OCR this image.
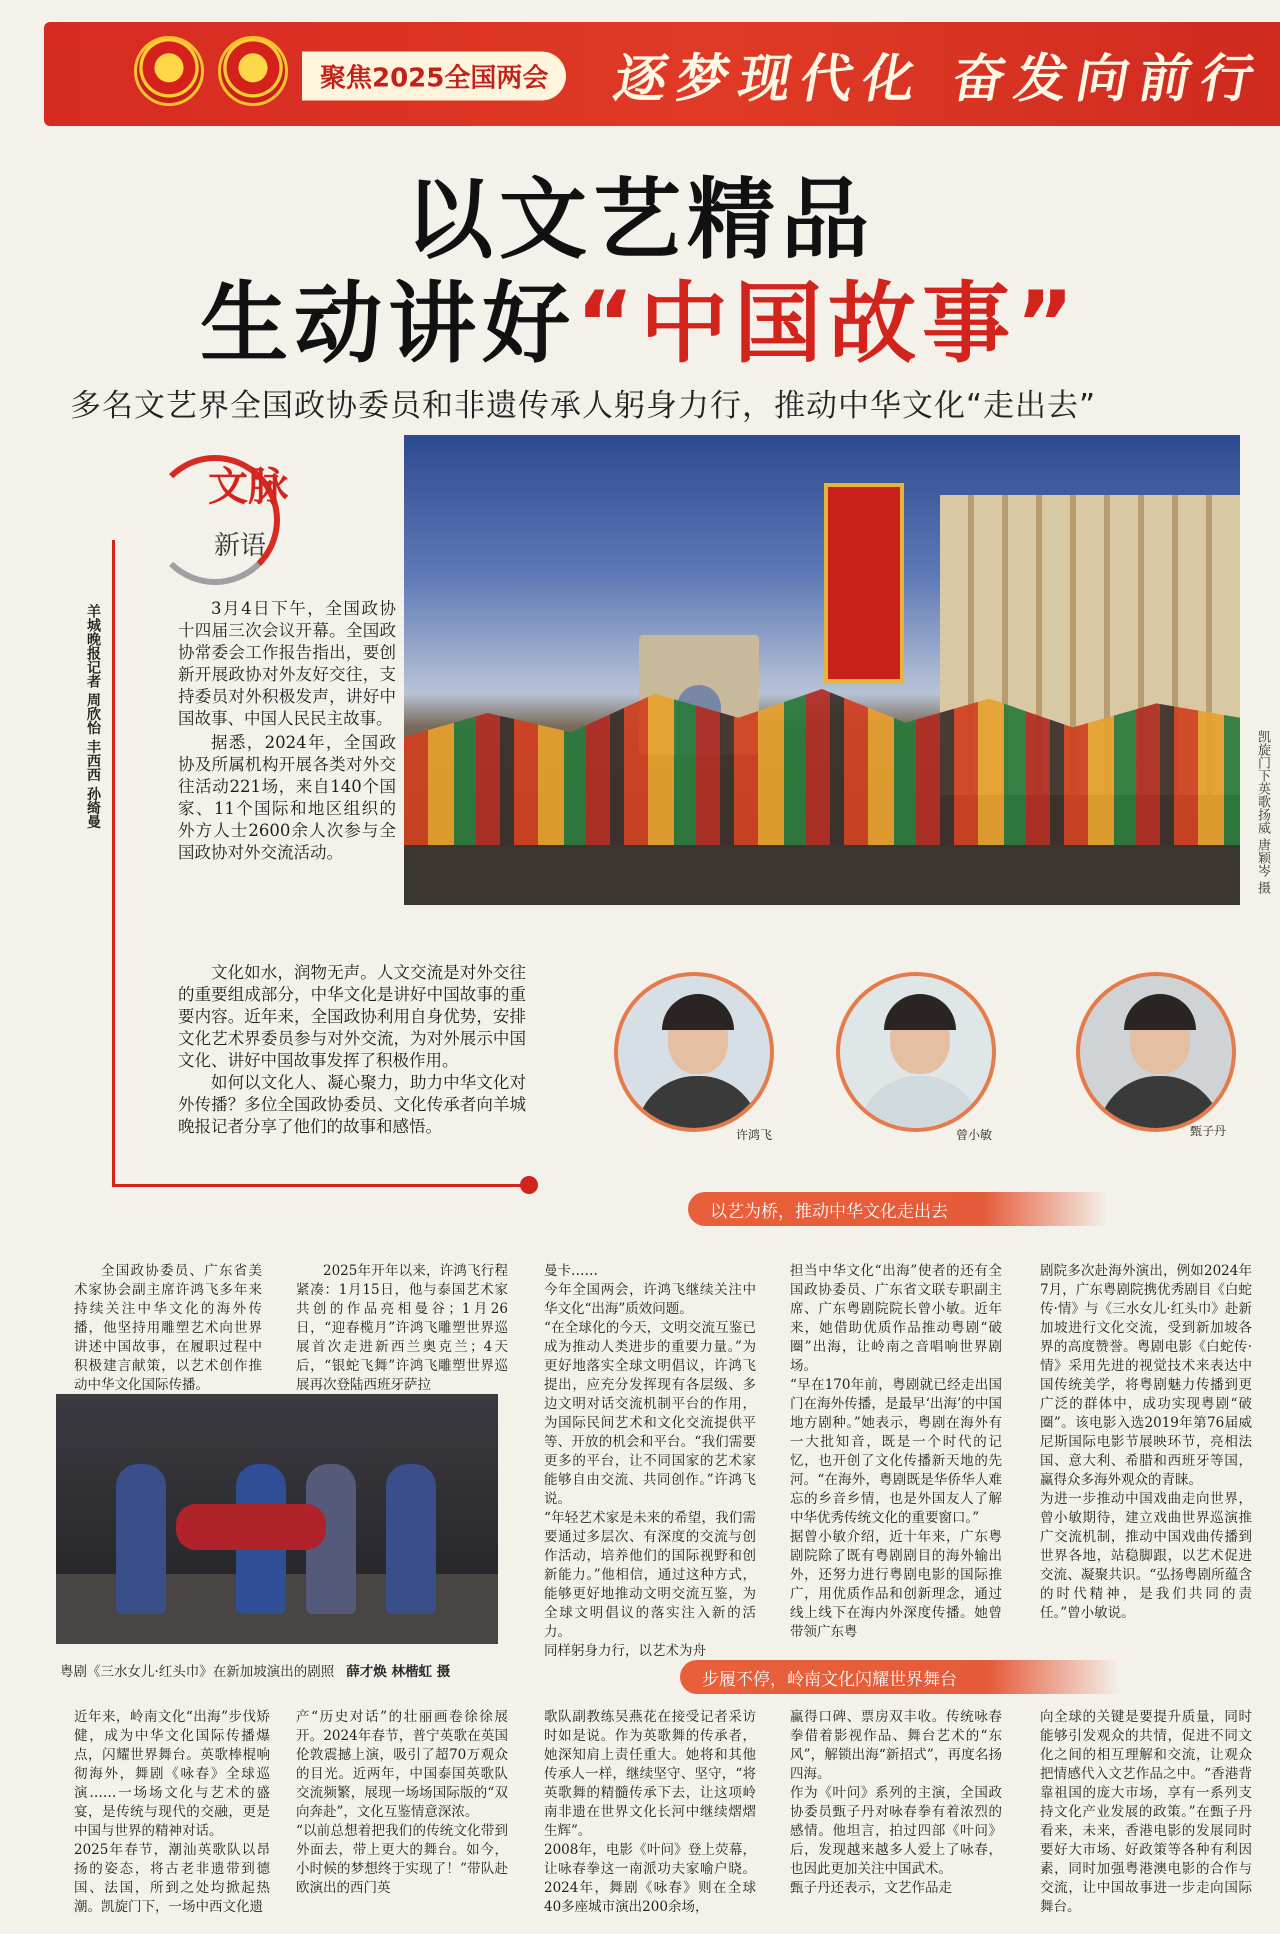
聚焦2025全国两会	逐梦现代化 奋发向前行
以文艺精品
生动讲好“中国故事”
多名文艺界全国政协委员和非遗传承人躬身力行，推动中华文化“走出去”
文脉
新语
羊城晚报记者 周欣怡 丰西西 孙绮曼	凯旋门下英歌扬威 唐颖岑 摄

3月4日下午，全国政协十四届三次会议开幕。全国政协常委会工作报告指出，要创新开展政协对外友好交往，支持委员对外积极发声，讲好中国故事、中国人民民主故事。

据悉，2024年，全国政协及所属机构开展各类对外交往活动221场，来自140个国家、11个国际和地区组织的外方人士2600余人次参与全国政协对外交流活动。

文化如水，润物无声。人文交流是对外交往的重要组成部分，中华文化是讲好中国故事的重要内容。近年来，全国政协利用自身优势，安排文化艺术界委员参与对外交流，为对外展示中国文化、讲好中国故事发挥了积极作用。

如何以文化人、凝心聚力，助力中华文化对外传播？多位全国政协委员、文化传承者向羊城晚报记者分享了他们的故事和感悟。	许鸿飞	曾小敏	甄子丹
以艺为桥，推动中华文化走出去

全国政协委员、广东省美术家协会副主席许鸿飞多年来持续关注中华文化的海外传播，他坚持用雕塑艺术向世界讲述中国故事，在履职过程中积极建言献策，以艺术创作推动中华文化国际传播。

2025年开年以来，许鸿飞行程紧凑：1月15日，他与泰国艺术家共创的作品亮相曼谷；1月26日，“迎春榄月”许鸿飞雕塑世界巡展首次走进新西兰奥克兰；4天后，“银蛇飞舞”许鸿飞雕塑世界巡展再次登陆西班牙萨拉

曼卡……
今年全国两会，许鸿飞继续关注中华文化“出海”质效问题。
“在全球化的今天，文明交流互鉴已成为推动人类进步的重要力量。”为更好地落实全球文明倡议，许鸿飞提出，应充分发挥现有各层级、多边文明对话交流机制平台的作用，为国际民间艺术和文化交流提供平等、开放的机会和平台。“我们需要更多的平台，让不同国家的艺术家能够自由交流、共同创作。”许鸿飞说。
“年轻艺术家是未来的希望，我们需要通过多层次、有深度的交流与创作活动，培养他们的国际视野和创新能力。”他相信，通过这种方式，能够更好地推动文明交流互鉴，为全球文明倡议的落实注入新的活力。
同样躬身力行，以艺术为舟
担当中华文化“出海”使者的还有全国政协委员、广东省文联专职副主席、广东粤剧院院长曾小敏。近年来，她借助优质作品推动粤剧“破圈”出海，让岭南之音唱响世界剧场。
“早在170年前，粤剧就已经走出国门在海外传播，是最早‘出海’的中国地方剧种。”她表示，粤剧在海外有一大批知音，既是一个时代的记忆，也开创了文化传播新天地的先河。“在海外，粤剧既是华侨华人难忘的乡音乡情，也是外国友人了解中华优秀传统文化的重要窗口。”
据曾小敏介绍，近十年来，广东粤剧院除了既有粤剧剧目的海外输出外，还努力进行粤剧电影的国际推广，用优质作品和创新理念，通过线上线下在海内外深度传播。她曾带领广东粤
剧院多次赴海外演出，例如2024年7月，广东粤剧院携优秀剧目《白蛇传·情》与《三水女儿·红头巾》赴新加坡进行文化交流，受到新加坡各界的高度赞誉。粤剧电影《白蛇传·情》采用先进的视觉技术来表达中国传统美学，将粤剧魅力传播到更广泛的群体中，成功实现粤剧“破圈”。该电影入选2019年第76届威尼斯国际电影节展映环节，亮相法国、意大利、希腊和西班牙等国，赢得众多海外观众的青睐。
为进一步推动中国戏曲走向世界，曾小敏期待，建立戏曲世界巡演推广交流机制，推动中国戏曲传播到世界各地，站稳脚跟，以艺术促进交流、凝聚共识。“弘扬粤剧所蕴含的时代精神，是我们共同的责任。”曾小敏说。
粤剧《三水女儿·红头巾》在新加坡演出的剧照 薛才焕 林楷虹 摄	步履不停，岭南文化闪耀世界舞台
近年来，岭南文化“出海”步伐矫健，成为中华文化国际传播爆点，闪耀世界舞台。英歌棒棍响彻海外，舞剧《咏春》全球巡演……一场场文化与艺术的盛宴，是传统与现代的交融，更是中国与世界的精神对话。
2025年春节，潮汕英歌队以昂扬的姿态，将古老非遗带到德国、法国，所到之处均掀起热潮。凯旋门下，一场中西文化遗
产“历史对话”的壮丽画卷徐徐展开。2024年春节，普宁英歌在英国伦敦震撼上演，吸引了超70万观众的目光。近两年，中国泰国英歌队交流频繁，展现一场场国际版的“双向奔赴”，文化互鉴情意深浓。
“以前总想着把我们的传统文化带到外面去，带上更大的舞台。如今，小时候的梦想终于实现了！”带队赴欧演出的西门英
歌队副教练吴燕花在接受记者采访时如是说。作为英歌舞的传承者，她深知肩上责任重大。她将和其他传承人一样，继续坚守、坚守，“将英歌舞的精髓传承下去，让这项岭南非遗在世界文化长河中继续熠熠生辉”。
2008年，电影《叶问》登上荧幕，让咏春拳这一南派功夫家喻户晓。2024年，舞剧《咏春》则在全球40多座城市演出200余场，
赢得口碑、票房双丰收。传统咏春拳借着影视作品、舞台艺术的“东风”，解锁出海“新招式”，再度名扬四海。
作为《叶问》系列的主演，全国政协委员甄子丹对咏春拳有着浓烈的感情。他坦言，拍过四部《叶问》后，发现越来越多人爱上了咏春，也因此更加关注中国武术。
甄子丹还表示，文艺作品走
向全球的关键是要提升质量，同时能够引发观众的共情，促进不同文化之间的相互理解和交流，让观众把情感代入文艺作品之中。“香港背靠祖国的庞大市场，享有一系列支持文化产业发展的政策。”在甄子丹看来，未来，香港电影的发展同时要好大市场、好政策等各种有利因素，同时加强粤港澳电影的合作与交流，让中国故事进一步走向国际舞台。
